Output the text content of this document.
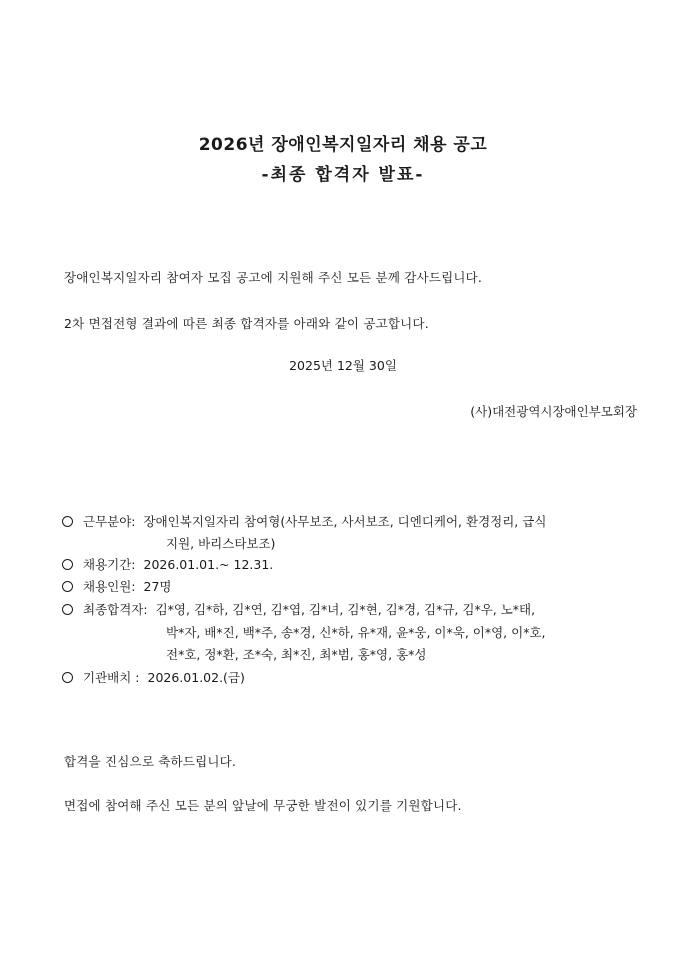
2026년 장애인복지일자리 채용 공고
-최종 합격자 발표-
장애인복지일자리 참여자 모집 공고에 지원해 주신 모든 분께 감사드립니다.
2차 면접전형 결과에 따른 최종 합격자를 아래와 같이 공고합니다.
2025년 12월 30일
(사)대전광역시장애인부모회장
근무분야: 장애인복지일자리 참여형(사무보조, 사서보조, 디엔디케어, 환경정리, 급식
지원, 바리스타보조)
채용기간: 2026.01.01.~ 12.31.
채용인원: 27명
최종합격자: 김*영, 김*하, 김*연, 김*엽, 김*녀, 김*현, 김*경, 김*규, 김*우, 노*태,
박*자, 배*진, 백*주, 송*경, 신*하, 유*재, 윤*웅, 이*욱, 이*영, 이*호,
전*호, 정*환, 조*숙, 최*진, 최*범, 홍*영, 홍*성
기관배치 : 2026.01.02.(금)
합격을 진심으로 축하드립니다.
면접에 참여해 주신 모든 분의 앞날에 무궁한 발전이 있기를 기원합니다.
